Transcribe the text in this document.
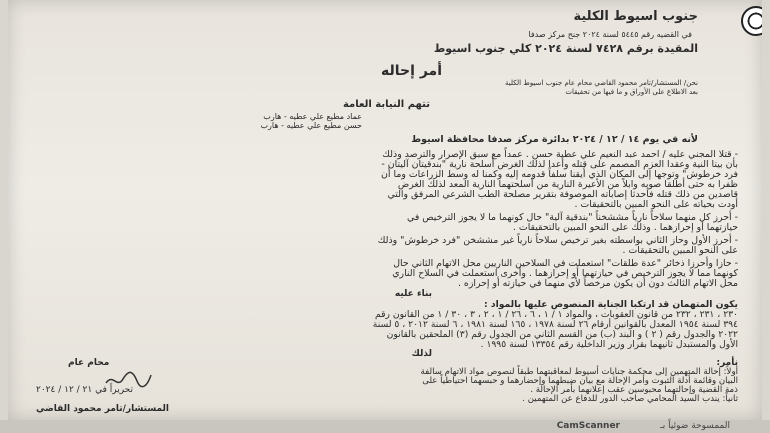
جنوب اسيوط الكلية
في القضيه رقم ٥٤٤٥ لسنة ٢٠٢٤ جنح مركز صدفا
المقيدة برقم ٧٤٢٨ لسنة ٢٠٢٤ كلي جنوب اسيوط
أمر إحاله
نحن/ المستشار/تامر محمود القاضي محام عام جنوب اسيوط الكلية
بعد الاطلاع على الأوراق و ما فيها من تحقيقات
تتهم النيابة العامة
عماد مطيع علي عطيه - هارب
حسن مطيع علي عطيه - هارب
لأنه في يوم ١٤ / ١٢ / ٢٠٢٤ بدائرة مركز صدفا محافظة اسيوط
- قتلا المجني عليه / احمد عبد النعيم علي عطية حسن . عمداً مع سبق الإصرار والترصد وذلك
بأن بيتا النية وعقدا العزم المصمم على قتله وأعدا لذلك الغرض أسلحة نارية "بندقيتان آليتان -
فرد خرطوش" وتوجها إلى المكان الذي أيقنا سلفاً قدومه إليه وكمنا له وسط الزراعات وما أن
ظفرا به حتى أطلقا صوبه وابلاً من الأعيرة النارية من أسلحتهما النارية المعد لذلك الغرض
قاصدين من ذلك قتله فأحدثا إصاباته الموصوفة بتقرير مصلحة الطب الشرعي المرفق والتي
أودت بحياته على النحو المبين بالتحقيقات .
- أحرز كل منهما سلاحاً نارياً مششخناً "بندقية آلية" حال كونهما ما لا يجوز الترخيص في
حيازتهما أو إحرازهما . وذلك على النحو المبين بالتحقيقات .
- أحرز الأول وحاز الثاني بواسطته بغير ترخيص سلاحاً نارياً غير مششخن "فرد خرطوش" وذلك
على النحو المبين بالتحقيقات .
- حازا وأحرزا ذخائر "عدة طلقات" استعملت في السلاحين الناريين محل الاتهام الثاني حال
كونهما مما لا يجوز الترخيص في حيازتهما أو إحرازهما . وأخرى استعملت في السلاح الناري
محل الاتهام الثالث دون أن يكون مرخصاً لأي منهما في حيازته أو إحرازه .
بناء عليه
يكون المتهمان قد ارتكبا الجناية المنصوص عليها بالمواد :
٢٣٠ ، ٢٣١ ، ٢٣٢ من قانون العقوبات ، والمواد ١ / ١ ، ٦ ، ٢٦ / ١ ، ٢ ، ٣ ، ٣٠ / ١ من القانون رقم
٣٩٤ لسنة ١٩٥٤ المعدل بالقوانين أرقام ٢٦ لسنة ١٩٧٨ ، ١٦٥ لسنة ١٩٨١ ، ٦ لسنة ٢٠١٢ ، ٥ لسنة
٢٠٢٢ والجدول رقم ( ٢ ) و البند (ب) من القسم الثاني من الجدول رقم (٣) الملحقين بالقانون
الأول والمستبدل ثانيهما بقرار وزير الداخلية رقم ١٣٣٥٤ لسنة ١٩٩٥ .
لذلك
نأمر:
أولاً: إحالة المتهمين إلى محكمة جنايات أسيوط لمعاقبتهما طبقاً لنصوص مواد الاتهام سالفة
البيان وقائمة أدلة الثبوت وأمر الإحالة مع بيان ضبطهما وإحضارهما و حبسهما احتياطياً على
ذمة القضية وإحالتهما محبوسين عقب إعلانهما بأمر الإحالة .
ثانياً: يندب السيد المحامي صاحب الدور للدفاع عن المتهمين .
محام عام
تحريراً في ٢١ / ١٢ / ٢٠٢٤
المستشار/تامر محمود القاضي
الممسوحة ضوئياً بـ
CamScanner
